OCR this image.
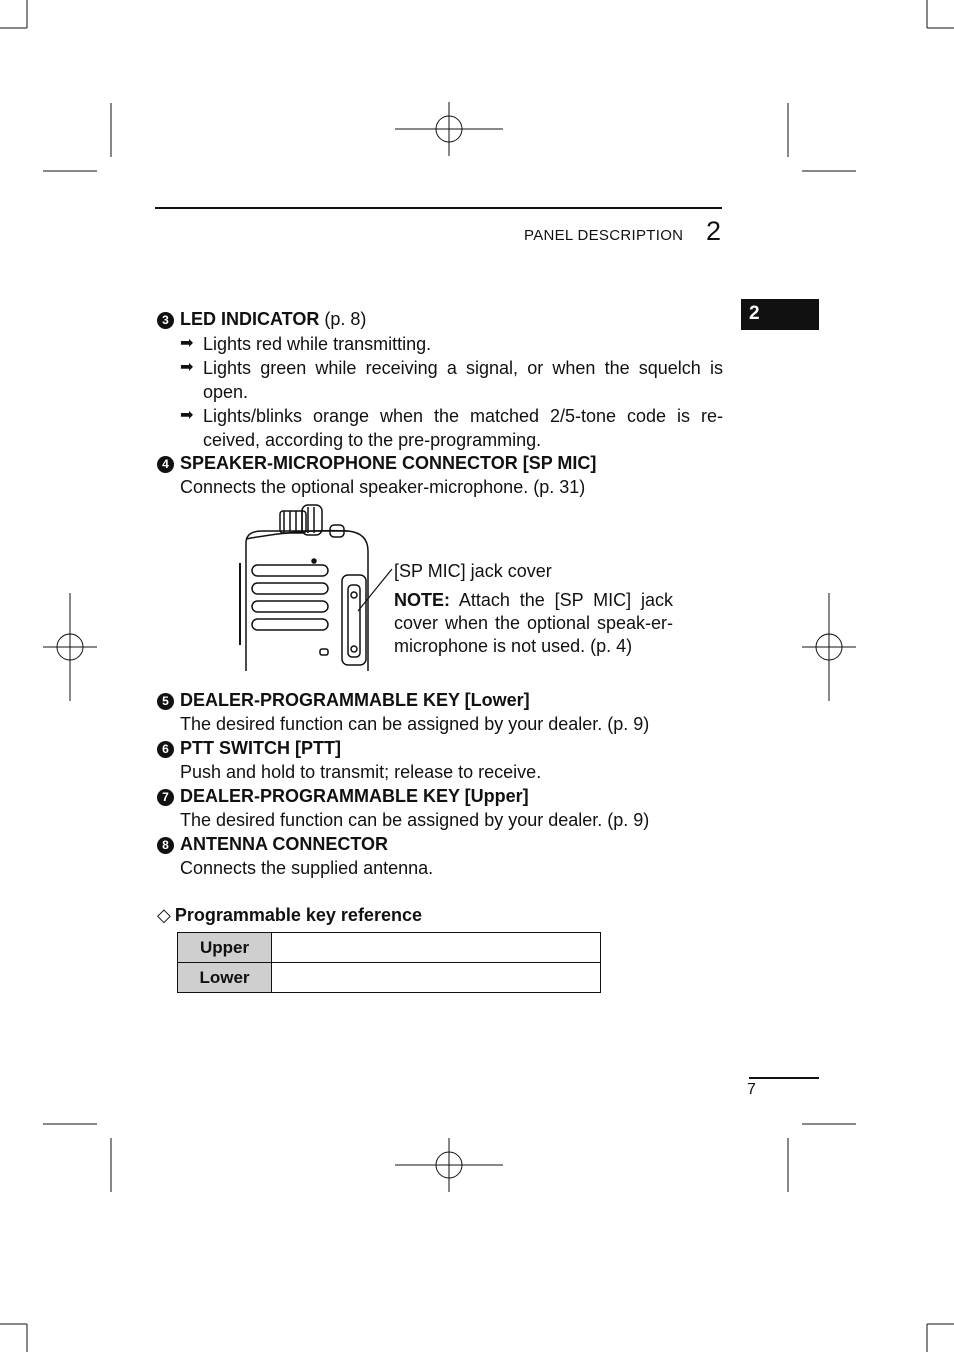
PANEL DESCRIPTION 2
2
3 LED INDICATOR (p. 8)
➡ Lights red while transmitting.
➡ Lights green while receiving a signal, or when the squelch is open.
➡ Lights/blinks orange when the matched 2/5-tone code is re-ceived, according to the pre-programming.
4 SPEAKER-MICROPHONE CONNECTOR [SP MIC]
Connects the optional speaker-microphone. (p. 31)
[SP MIC] jack cover
NOTE: Attach the [SP MIC] jack cover when the optional speak-er-microphone is not used. (p. 4)
5 DEALER-PROGRAMMABLE KEY [Lower]
The desired function can be assigned by your dealer. (p. 9)
6 PTT SWITCH [PTT]
Push and hold to transmit; release to receive.
7 DEALER-PROGRAMMABLE KEY [Upper]
The desired function can be assigned by your dealer. (p. 9)
8 ANTENNA CONNECTOR
Connects the supplied antenna.
◇ Programmable key reference
Upper	
Lower	
7
